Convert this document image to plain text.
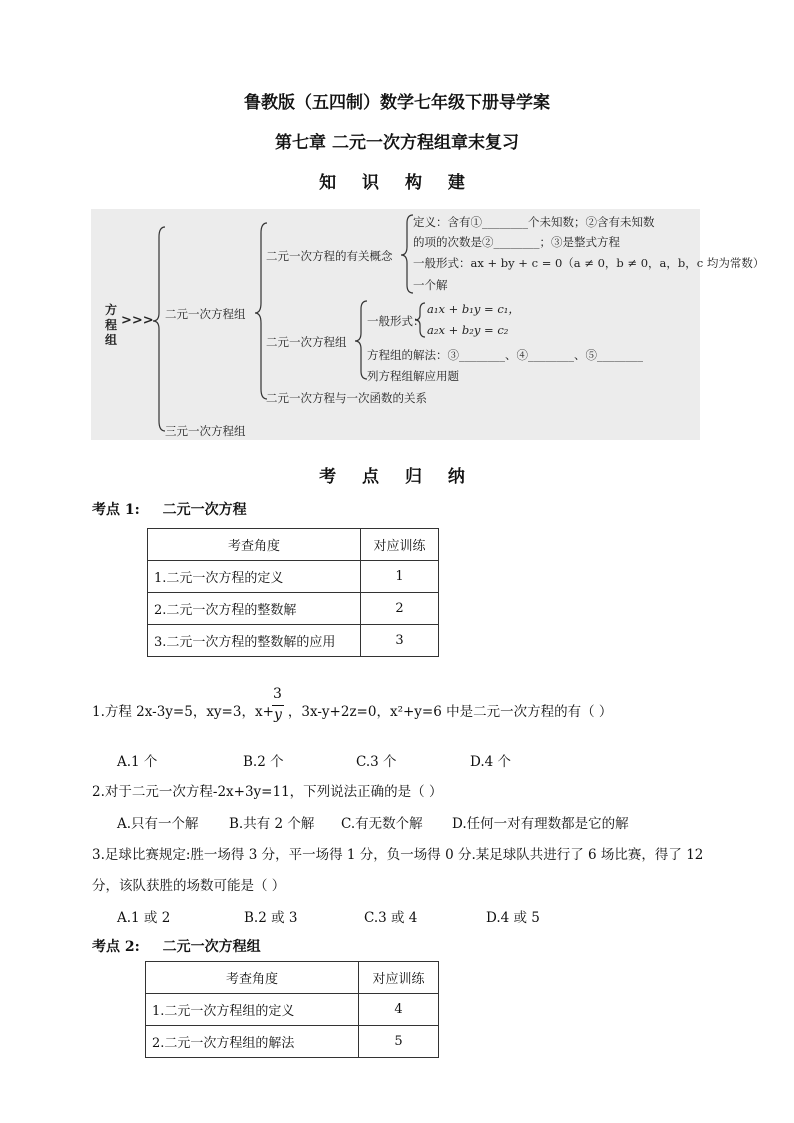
鲁教版（五四制）数学七年级下册导学案
第七章 二元一次方程组章末复习
知 识 构 建
方程组
>>> 二元一次方程组
三元一次方程组
二元一次方程的有关概念
定义：含有①________个未知数；②含有未知数
的项的次数是②________；③是整式方程
一般形式：ax + by + c = 0（a ≠ 0，b ≠ 0，a，b，c 均为常数）
一个解
二元一次方程组
一般形式：
a₁x + b₁y = c₁，
a₂x + b₂y = c₂
方程组的解法：③________、④________、⑤________
列方程组解应用题
二元一次方程与一次函数的关系
考 点 归 纳
考点 1: 二元一次方程
考查角度	对应训练
1.二元一次方程的定义	1
2.二元一次方程的整数解	2
3.二元一次方程的整数解的应用	3
1.方程 2x-3y=5，xy=3，x+ ，3x-y+2z=0，x²+y=6 中是二元一次方程的有（ ）
3
y
A.1 个	B.2 个	C.3 个	D.4 个
2.对于二元一次方程-2x+3y=11，下列说法正确的是（ ）
A.只有一个解 B.共有 2 个解 C.有无数个解 D.任何一对有理数都是它的解
3.足球比赛规定:胜一场得 3 分，平一场得 1 分，负一场得 0 分.某足球队共进行了 6 场比赛，得了 12
分，该队获胜的场数可能是（ ）
A.1 或 2	B.2 或 3	C.3 或 4	D.4 或 5
考点 2: 二元一次方程组
考查角度	对应训练
1.二元一次方程组的定义	4
2.二元一次方程组的解法	5
